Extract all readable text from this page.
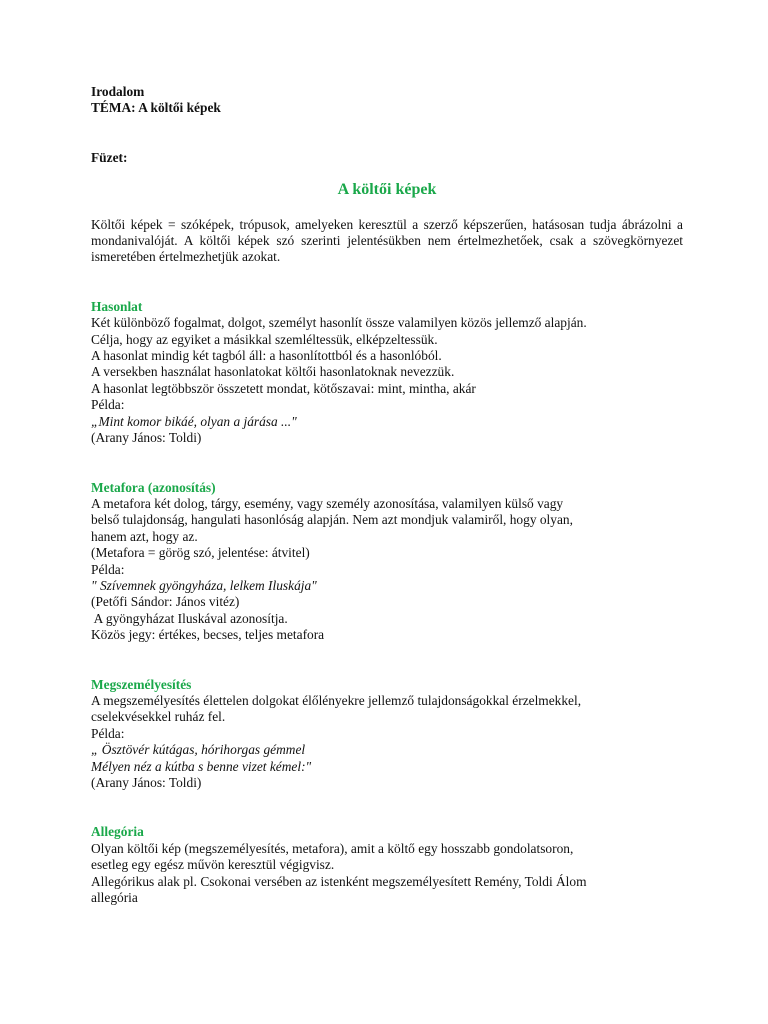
Irodalom
TÉMA: A költői képek
Füzet:
A költői képek

Költői képek = szóképek, trópusok, amelyeken keresztül a szerző képszerűen, hatásosan tudja ábrázolni a mondanivalóját. A költői képek szó szerinti jelentésükben nem értelmezhetőek, csak a szövegkörnyezet ismeretében értelmezhetjük azokat.

Hasonlat
Két különböző fogalmat, dolgot, személyt hasonlít össze valamilyen közös jellemző alapján.
Célja, hogy az egyiket a másikkal szemléltessük, elképzeltessük.
A hasonlat mindig két tagból áll: a hasonlítottból és a hasonlóból.
A versekben használat hasonlatokat költői hasonlatoknak nevezzük.
A hasonlat legtöbbször összetett mondat, kötőszavai: mint, mintha, akár
Példa:
„Mint komor bikáé, olyan a járása ..."
(Arany János: Toldi)
Metafora (azonosítás)
A metafora két dolog, tárgy, esemény, vagy személy azonosítása, valamilyen külső vagy
belső tulajdonság, hangulati hasonlóság alapján. Nem azt mondjuk valamiről, hogy olyan,
hanem azt, hogy az.
(Metafora = görög szó, jelentése: átvitel)
Példa:
" Szívemnek gyöngyháza, lelkem Iluskája"
(Petőfi Sándor: János vitéz)
A gyöngyházat Iluskával azonosítja.
Közös jegy: értékes, becses, teljes metafora
Megszemélyesítés
A megszemélyesítés élettelen dolgokat élőlényekre jellemző tulajdonságokkal érzelmekkel,
cselekvésekkel ruház fel.
Példa:
„ Ösztövér kútágas, hórihorgas gémmel
Mélyen néz a kútba s benne vizet kémel:"
(Arany János: Toldi)
Allegória
Olyan költői kép (megszemélyesítés, metafora), amit a költő egy hosszabb gondolatsoron,
esetleg egy egész művön keresztül végigvisz.
Allegórikus alak pl. Csokonai versében az istenként megszemélyesített Remény, Toldi Álom
allegória
